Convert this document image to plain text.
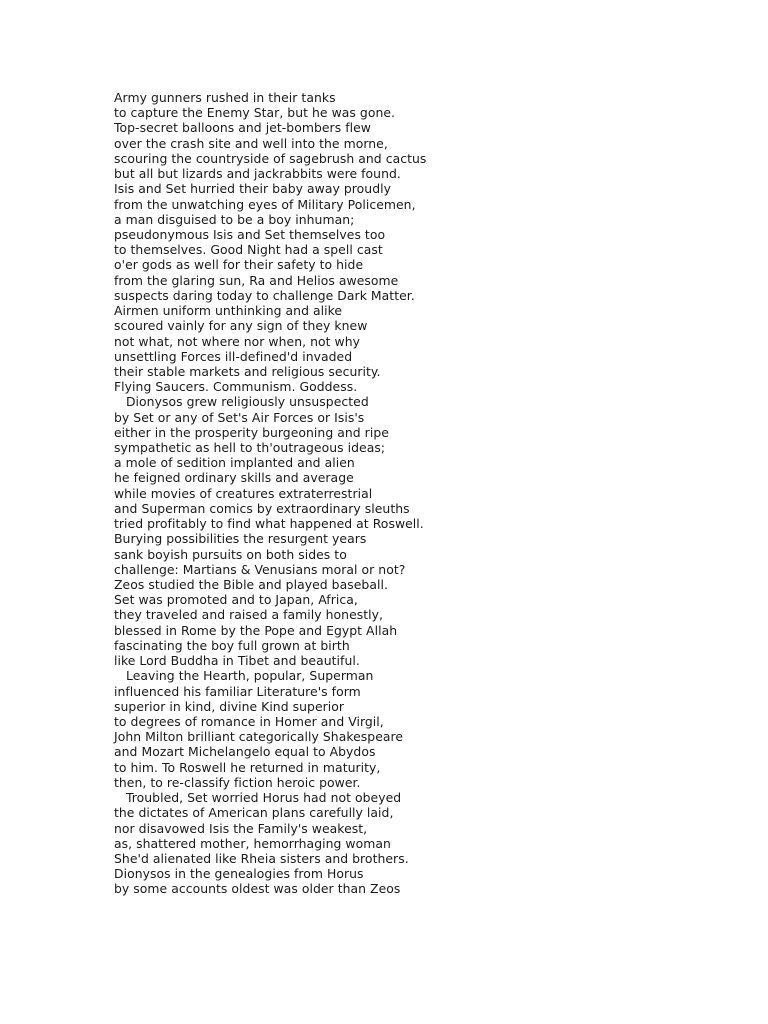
Army gunners rushed in their tanks
to capture the Enemy Star, but he was gone.
Top-secret balloons and jet-bombers flew
over the crash site and well into the morne,
scouring the countryside of sagebrush and cactus
but all but lizards and jackrabbits were found.
Isis and Set hurried their baby away proudly
from the unwatching eyes of Military Policemen,
a man disguised to be a boy inhuman;
pseudonymous Isis and Set themselves too
to themselves. Good Night had a spell cast
o'er gods as well for their safety to hide
from the glaring sun, Ra and Helios awesome
suspects daring today to challenge Dark Matter.
Airmen uniform unthinking and alike
scoured vainly for any sign of they knew
not what, not where nor when, not why
unsettling Forces ill-defined'd invaded
their stable markets and religious security.
Flying Saucers. Communism. Goddess.
Dionysos grew religiously unsuspected
by Set or any of Set's Air Forces or Isis's
either in the prosperity burgeoning and ripe
sympathetic as hell to th'outrageous ideas;
a mole of sedition implanted and alien
he feigned ordinary skills and average
while movies of creatures extraterrestrial
and Superman comics by extraordinary sleuths
tried profitably to find what happened at Roswell.
Burying possibilities the resurgent years
sank boyish pursuits on both sides to
challenge: Martians & Venusians moral or not?
Zeos studied the Bible and played baseball.
Set was promoted and to Japan, Africa,
they traveled and raised a family honestly,
blessed in Rome by the Pope and Egypt Allah
fascinating the boy full grown at birth
like Lord Buddha in Tibet and beautiful.
Leaving the Hearth, popular, Superman
influenced his familiar Literature's form
superior in kind, divine Kind superior
to degrees of romance in Homer and Virgil,
John Milton brilliant categorically Shakespeare
and Mozart Michelangelo equal to Abydos
to him. To Roswell he returned in maturity,
then, to re-classify fiction heroic power.
Troubled, Set worried Horus had not obeyed
the dictates of American plans carefully laid,
nor disavowed Isis the Family's weakest,
as, shattered mother, hemorrhaging woman
She'd alienated like Rheia sisters and brothers.
Dionysos in the genealogies from Horus
by some accounts oldest was older than Zeos
